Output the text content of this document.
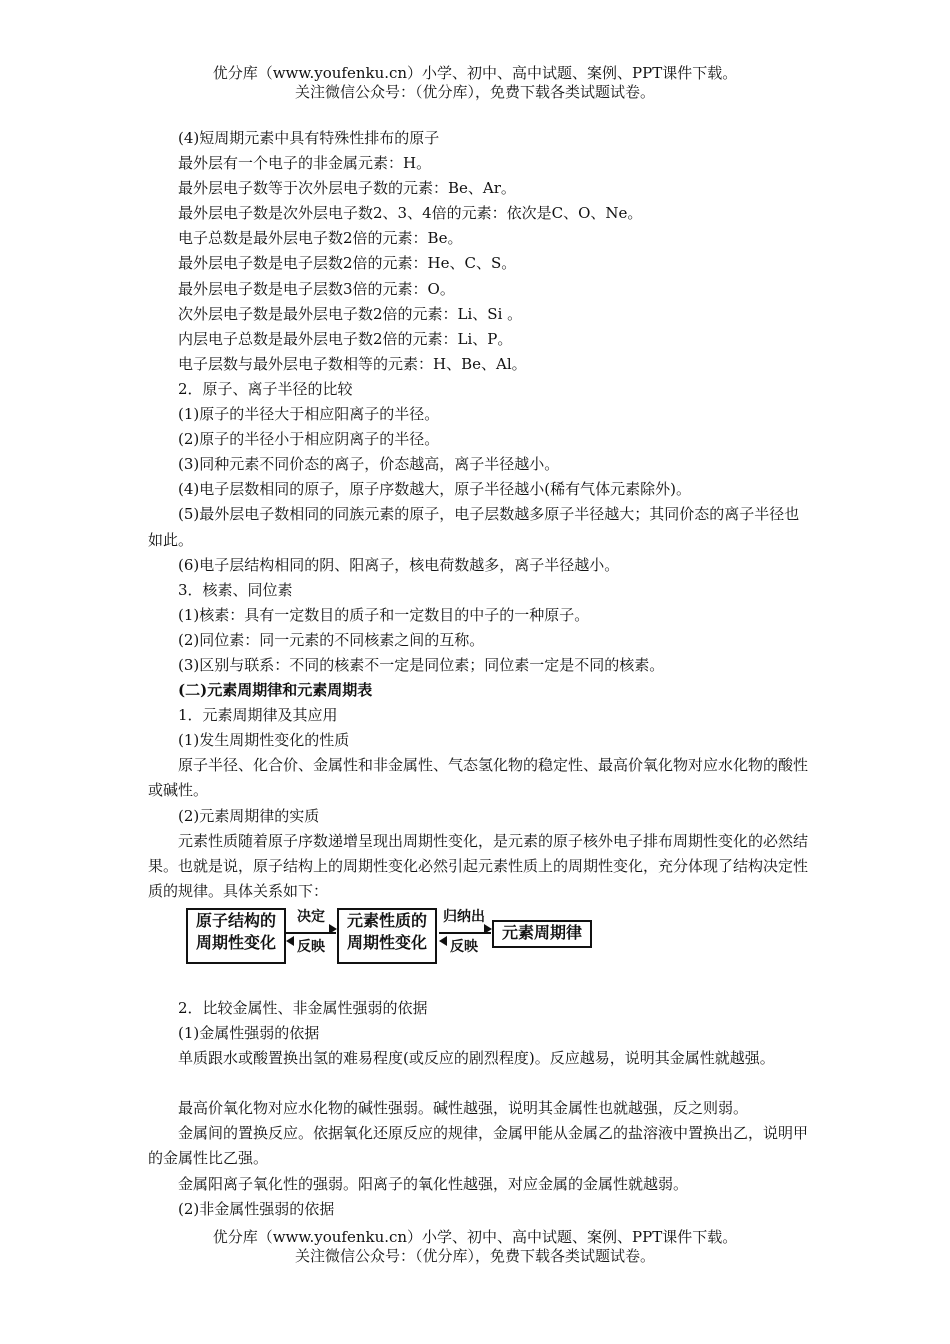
优分库（www.youfenku.cn）小学、初中、高中试题、案例、PPT课件下载。
关注微信公众号：（优分库），免费下载各类试题试卷。
(4)短周期元素中具有特殊性排布的原子
最外层有一个电子的非金属元素：H。
最外层电子数等于次外层电子数的元素：Be、Ar。
最外层电子数是次外层电子数2、3、4倍的元素：依次是C、O、Ne。
电子总数是最外层电子数2倍的元素：Be。
最外层电子数是电子层数2倍的元素：He、C、S。
最外层电子数是电子层数3倍的元素：O。
次外层电子数是最外层电子数2倍的元素：Li、Si 。
内层电子总数是最外层电子数2倍的元素：Li、P。
电子层数与最外层电子数相等的元素：H、Be、Al。
2．原子、离子半径的比较
(1)原子的半径大于相应阳离子的半径。
(2)原子的半径小于相应阴离子的半径。
(3)同种元素不同价态的离子，价态越高，离子半径越小。
(4)电子层数相同的原子，原子序数越大，原子半径越小(稀有气体元素除外)。
(5)最外层电子数相同的同族元素的原子，电子层数越多原子半径越大；其同价态的离子半径也如此。
(6)电子层结构相同的阴、阳离子，核电荷数越多，离子半径越小。
3．核素、同位素
(1)核素：具有一定数目的质子和一定数目的中子的一种原子。
(2)同位素：同一元素的不同核素之间的互称。
(3)区别与联系：不同的核素不一定是同位素；同位素一定是不同的核素。
(二)元素周期律和元素周期表
1．元素周期律及其应用
(1)发生周期性变化的性质
原子半径、化合价、金属性和非金属性、气态氢化物的稳定性、最高价氧化物对应水化物的酸性或碱性。
(2)元素周期律的实质
元素性质随着原子序数递增呈现出周期性变化，是元素的原子核外电子排布周期性变化的必然结果。也就是说，原子结构上的周期性变化必然引起元素性质上的周期性变化，充分体现了结构决定性质的规律。具体关系如下：
原子结构的
周期性变化
决定
反映
元素性质的
周期性变化
归纳出
反映
元素周期律
2．比较金属性、非金属性强弱的依据
(1)金属性强弱的依据
单质跟水或酸置换出氢的难易程度(或反应的剧烈程度)。反应越易，说明其金属性就越强。
最高价氧化物对应水化物的碱性强弱。碱性越强，说明其金属性也就越强，反之则弱。
金属间的置换反应。依据氧化还原反应的规律，金属甲能从金属乙的盐溶液中置换出乙，说明甲的金属性比乙强。
金属阳离子氧化性的强弱。阳离子的氧化性越强，对应金属的金属性就越弱。
(2)非金属性强弱的依据
优分库（www.youfenku.cn）小学、初中、高中试题、案例、PPT课件下载。
关注微信公众号：（优分库），免费下载各类试题试卷。
